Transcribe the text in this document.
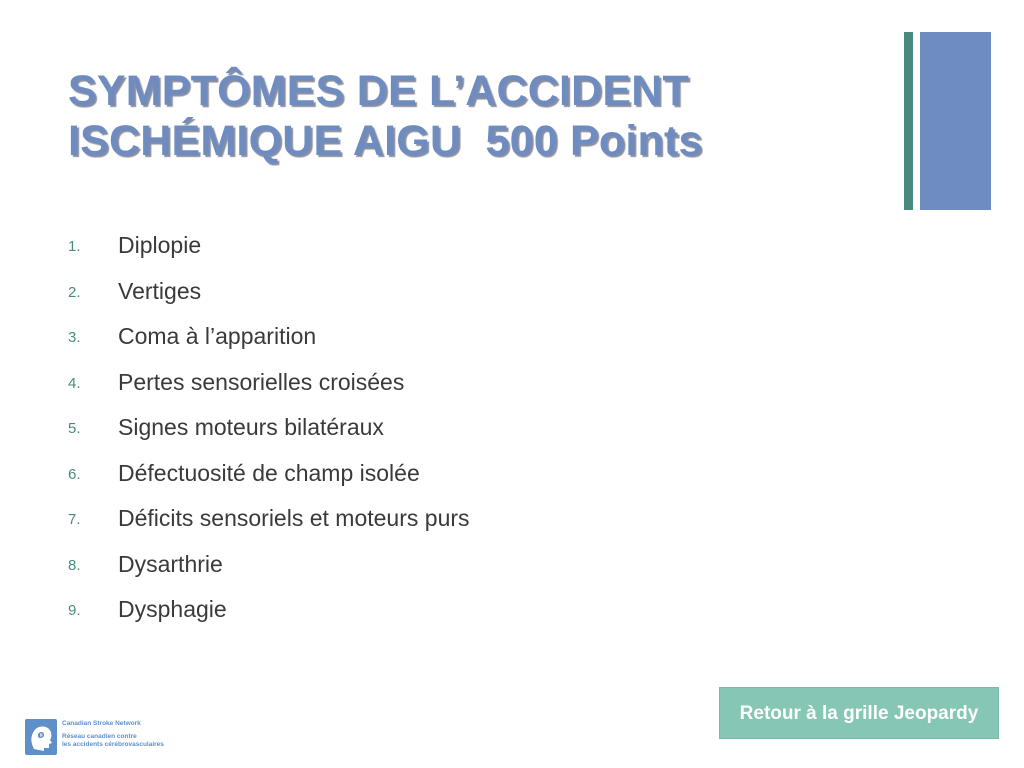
SYMPTÔMES DE L’ACCIDENT
ISCHÉMIQUE AIGU  500 Points
1. Diplopie
2. Vertiges
3. Coma à l’apparition
4. Pertes sensorielles croisées
5. Signes moteurs bilatéraux
6. Défectuosité de champ isolée
7. Déficits sensoriels et moteurs purs
8. Dysarthrie
9. Dysphagie
Canadian Stroke Network
Réseau canadien contre
les accidents cérébrovasculaires
Retour à la grille Jeopardy
